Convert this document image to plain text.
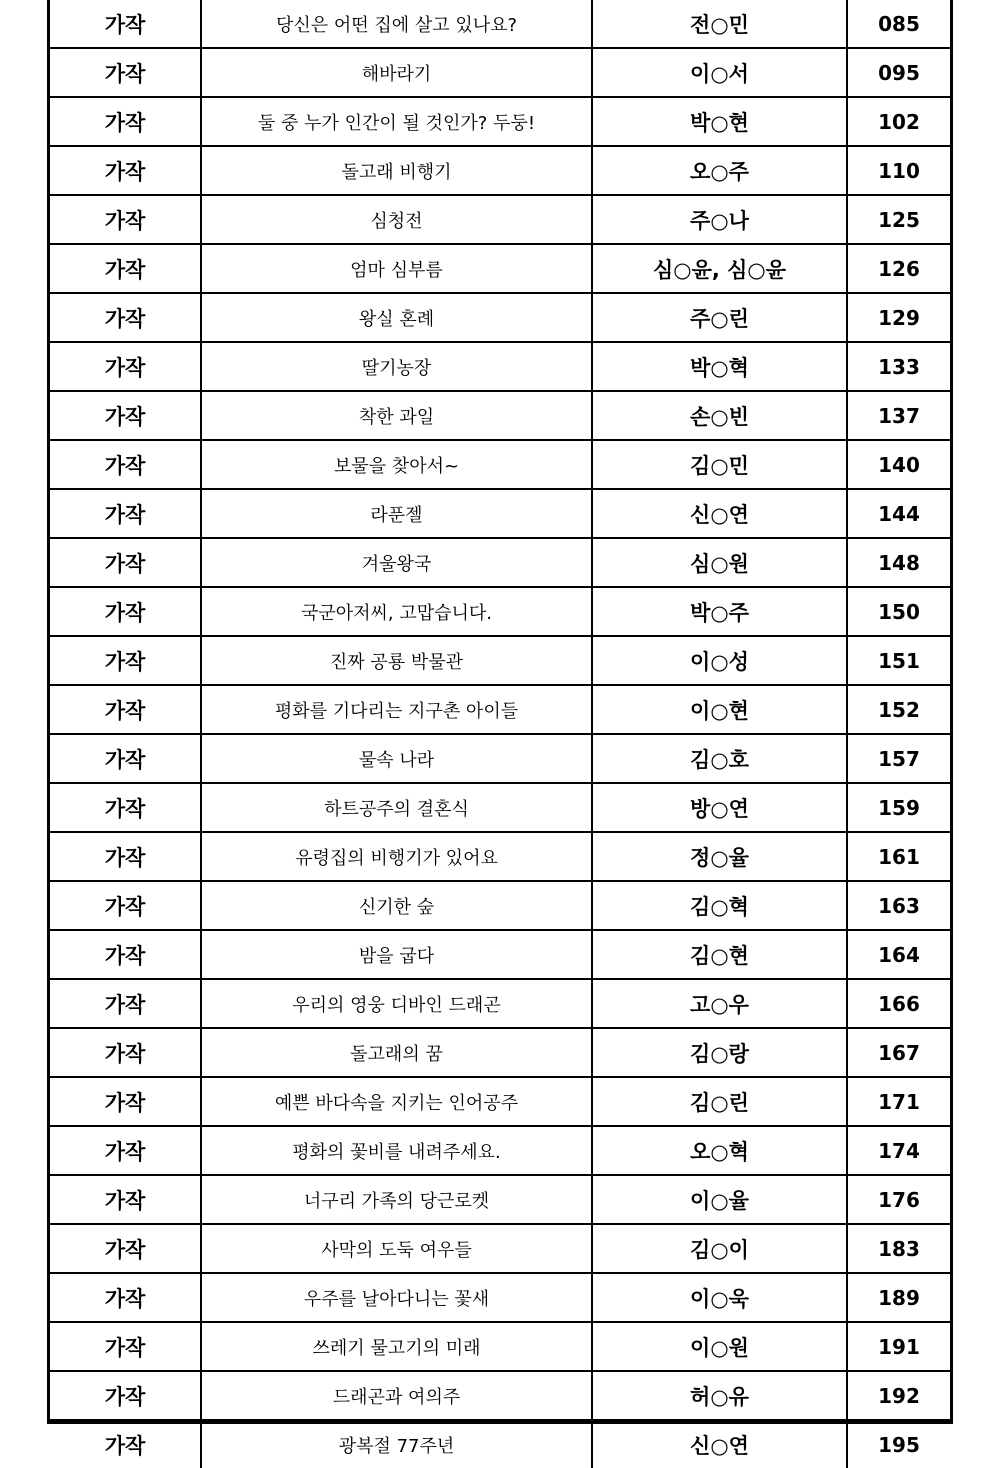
가작	당신은 어떤 집에 살고 있나요?	전○민	085
가작	해바라기	이○서	095
가작	둘 중 누가 인간이 될 것인가? 두둥!	박○현	102
가작	돌고래 비행기	오○주	110
가작	심청전	주○나	125
가작	엄마 심부름	심○윤, 심○윤	126
가작	왕실 혼례	주○린	129
가작	딸기농장	박○혁	133
가작	착한 과일	손○빈	137
가작	보물을 찾아서~	김○민	140
가작	라푼젤	신○연	144
가작	겨울왕국	심○원	148
가작	국군아저씨, 고맙습니다.	박○주	150
가작	진짜 공룡 박물관	이○성	151
가작	평화를 기다리는 지구촌 아이들	이○현	152
가작	물속 나라	김○호	157
가작	하트공주의 결혼식	방○연	159
가작	유령집의 비행기가 있어요	정○율	161
가작	신기한 숲	김○혁	163
가작	밤을 굽다	김○현	164
가작	우리의 영웅 디바인 드래곤	고○우	166
가작	돌고래의 꿈	김○랑	167
가작	예쁜 바다속을 지키는 인어공주	김○린	171
가작	평화의 꽃비를 내려주세요.	오○혁	174
가작	너구리 가족의 당근로켓	이○율	176
가작	사막의 도둑 여우들	김○이	183
가작	우주를 날아다니는 꽃새	이○욱	189
가작	쓰레기 물고기의 미래	이○원	191
가작	드래곤과 여의주	허○유	192
가작	광복절 77주년	신○연	195
